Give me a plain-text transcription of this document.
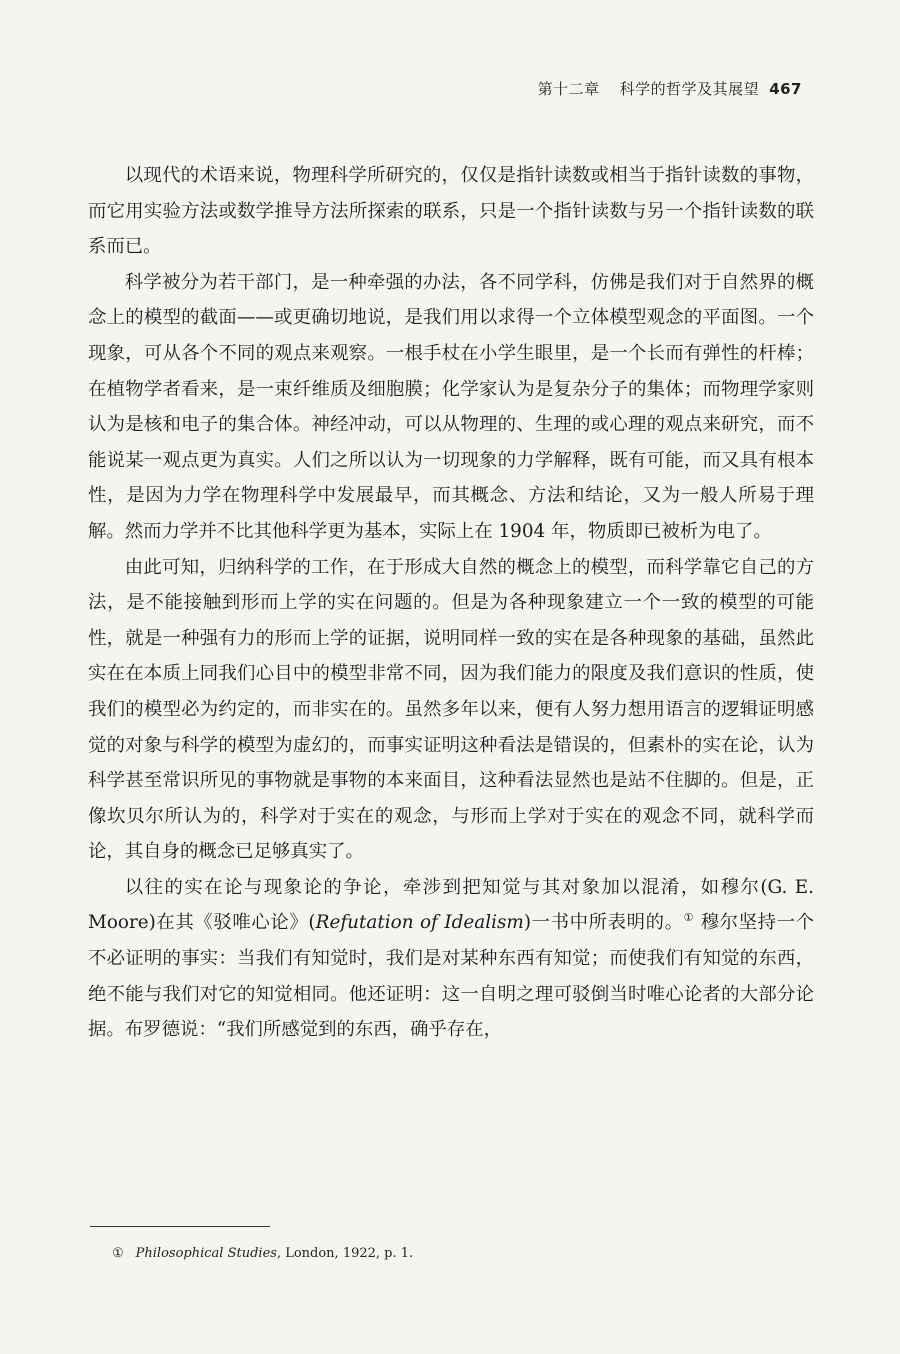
第十二章 科学的哲学及其展望 467

以现代的术语来说，物理科学所研究的，仅仅是指针读数或相当于指针读数的事物，而它用实验方法或数学推导方法所探索的联系，只是一个指针读数与另一个指针读数的联系而已。

科学被分为若干部门，是一种牵强的办法，各不同学科，仿佛是我们对于自然界的概念上的模型的截面——或更确切地说，是我们用以求得一个立体模型观念的平面图。一个现象，可从各个不同的观点来观察。一根手杖在小学生眼里，是一个长而有弹性的杆棒；在植物学者看来，是一束纤维质及细胞膜；化学家认为是复杂分子的集体；而物理学家则认为是核和电子的集合体。神经冲动，可以从物理的、生理的或心理的观点来研究，而不能说某一观点更为真实。人们之所以认为一切现象的力学解释，既有可能，而又具有根本性，是因为力学在物理科学中发展最早，而其概念、方法和结论，又为一般人所易于理解。然而力学并不比其他科学更为基本，实际上在 1904 年，物质即已被析为电了。

由此可知，归纳科学的工作，在于形成大自然的概念上的模型，而科学靠它自己的方法，是不能接触到形而上学的实在问题的。但是为各种现象建立一个一致的模型的可能性，就是一种强有力的形而上学的证据，说明同样一致的实在是各种现象的基础，虽然此实在在本质上同我们心目中的模型非常不同，因为我们能力的限度及我们意识的性质，使我们的模型必为约定的，而非实在的。虽然多年以来，便有人努力想用语言的逻辑证明感觉的对象与科学的模型为虚幻的，而事实证明这种看法是错误的，但素朴的实在论，认为科学甚至常识所见的事物就是事物的本来面目，这种看法显然也是站不住脚的。但是，正像坎贝尔所认为的，科学对于实在的观念，与形而上学对于实在的观念不同，就科学而论，其自身的概念已足够真实了。

以往的实在论与现象论的争论，牵涉到把知觉与其对象加以混淆，如穆尔(G. E. Moore)在其《驳唯心论》(Refutation of Idealism)一书中所表明的。① 穆尔坚持一个不必证明的事实：当我们有知觉时，我们是对某种东西有知觉；而使我们有知觉的东西，绝不能与我们对它的知觉相同。他还证明：这一自明之理可驳倒当时唯心论者的大部分论据。布罗德说：“我们所感觉到的东西，确乎存在，

① Philosophical Studies, London, 1922, p. 1.
